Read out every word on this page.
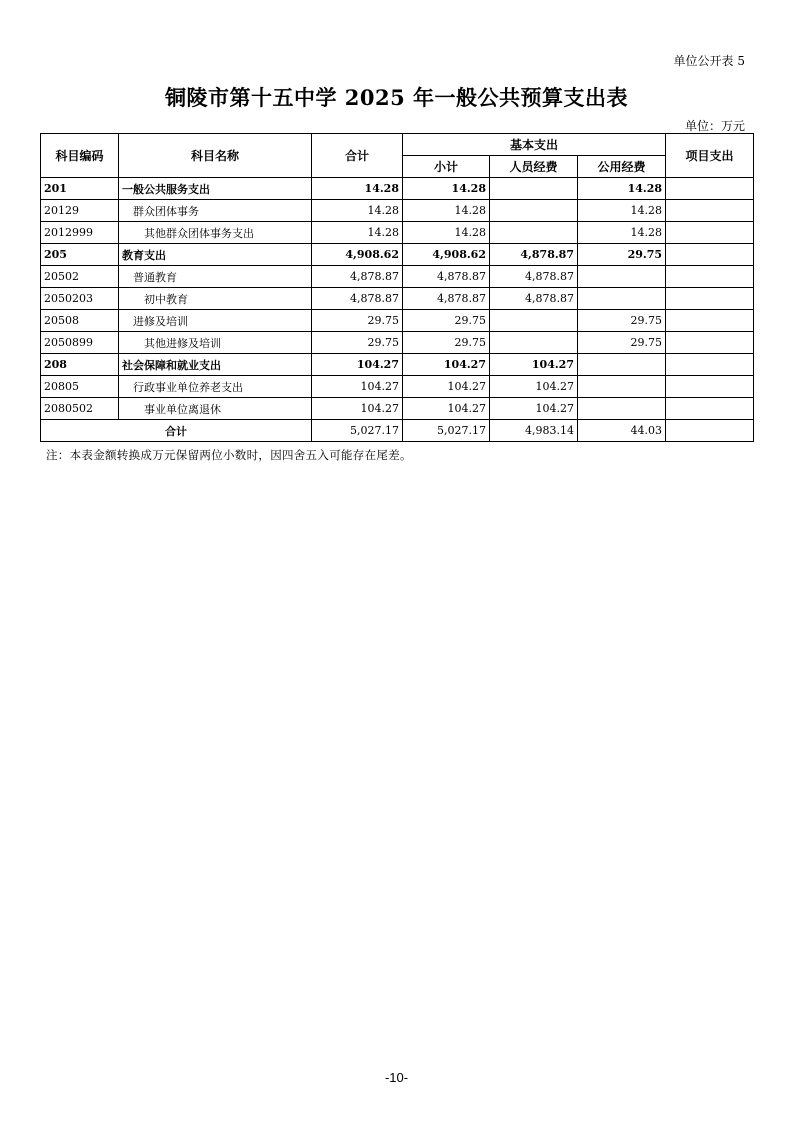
单位公开表 5
铜陵市第十五中学 2025 年一般公共预算支出表
单位：万元
科目编码	科目名称	合计	基本支出			项目支出
			小计	人员经费	公用经费	
201	一般公共服务支出	14.28	14.28		14.28	
20129	群众团体事务	14.28	14.28		14.28	
2012999	其他群众团体事务支出	14.28	14.28		14.28	
205	教育支出	4,908.62	4,908.62	4,878.87	29.75	
20502	普通教育	4,878.87	4,878.87	4,878.87		
2050203	初中教育	4,878.87	4,878.87	4,878.87		
20508	进修及培训	29.75	29.75		29.75	
2050899	其他进修及培训	29.75	29.75		29.75	
208	社会保障和就业支出	104.27	104.27	104.27		
20805	行政事业单位养老支出	104.27	104.27	104.27		
2080502	事业单位离退休	104.27	104.27	104.27		
合计		5,027.17	5,027.17	4,983.14	44.03	
注：本表金额转换成万元保留两位小数时，因四舍五入可能存在尾差。
-10-
